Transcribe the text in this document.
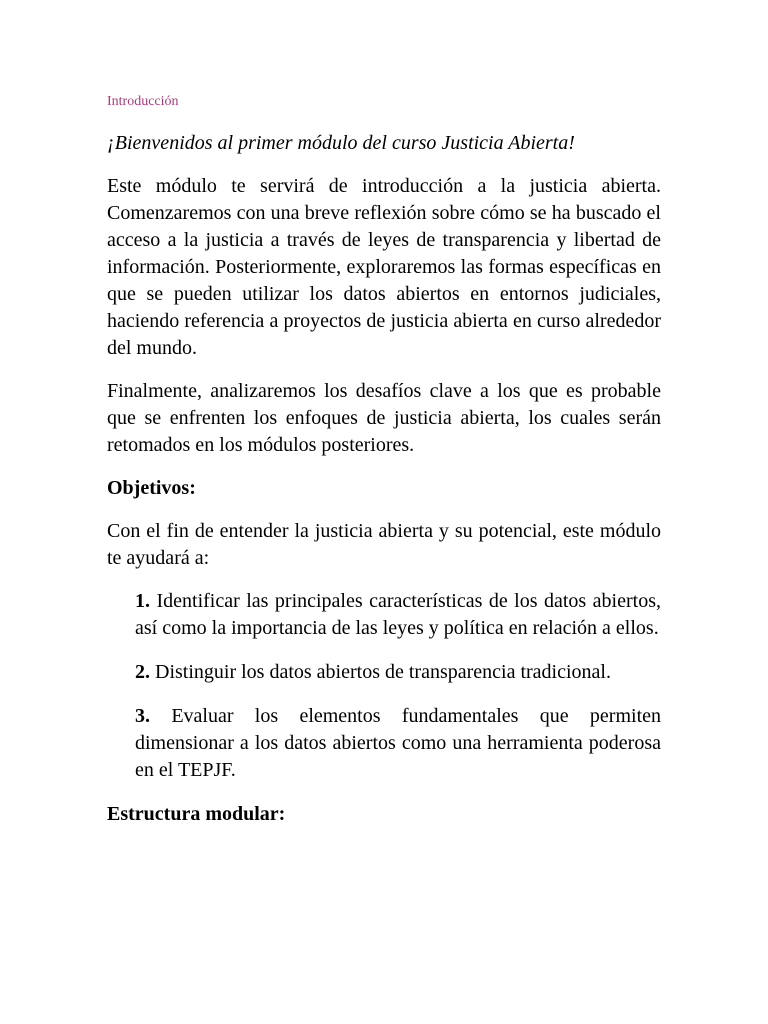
Introducción

¡Bienvenidos al primer módulo del curso Justicia Abierta!

Este módulo te servirá de introducción a la justicia abierta. Comenzaremos con una breve reflexión sobre cómo se ha buscado el acceso a la justicia a través de leyes de transparencia y libertad de información. Posteriormente, exploraremos las formas específicas en que se pueden utilizar los datos abiertos en entornos judiciales, haciendo referencia a proyectos de justicia abierta en curso alrededor del mundo.

Finalmente, analizaremos los desafíos clave a los que es probable que se enfrenten los enfoques de justicia abierta, los cuales serán retomados en los módulos posteriores.

Objetivos:

Con el fin de entender la justicia abierta y su potencial, este módulo te ayudará a:

1. Identificar las principales características de los datos abiertos, así como la importancia de las leyes y política en relación a ellos.
2. Distinguir los datos abiertos de transparencia tradicional.
3. Evaluar los elementos fundamentales que permiten dimensionar a los datos abiertos como una herramienta poderosa en el TEPJF.

Estructura modular:
